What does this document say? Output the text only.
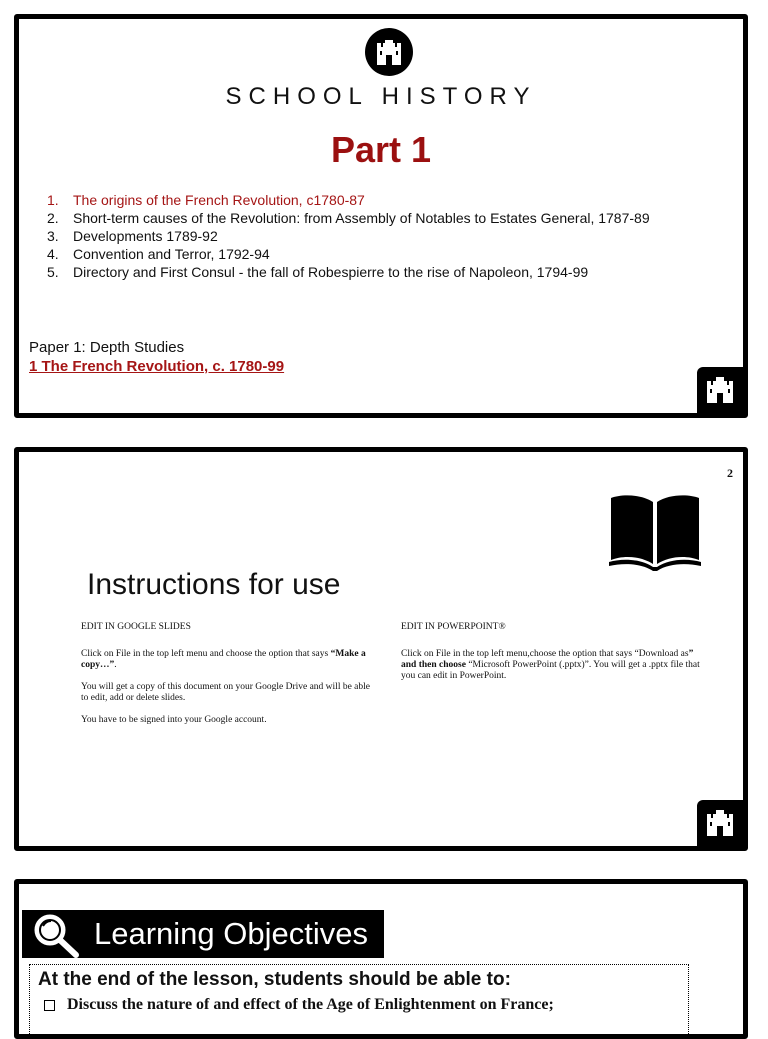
SCHOOL HISTORY
Part 1
1.	The origins of the French Revolution, c1780-87
2.	Short-term causes of the Revolution: from Assembly of Notables to Estates General, 1787-89
3.	Developments 1789-92
4.	Convention and Terror, 1792-94
5.	Directory and First Consul - the fall of Robespierre to the rise of Napoleon, 1794-99
Paper 1: Depth Studies
1 The French Revolution, c. 1780-99
2
Instructions for use

EDIT IN GOOGLE SLIDES

Click on File in the top left menu and choose the option that says “Make a copy…”.

You will get a copy of this document on your Google Drive and will be able to edit, add or delete slides.

You have to be signed into your Google account.

EDIT IN POWERPOINT®

Click on File in the top left menu,choose the option that says “Download as” and then choose “Microsoft PowerPoint (.pptx)”. You will get a .pptx file that you can edit in PowerPoint.

Learning Objectives

At the end of the lesson, students should be able to:

Discuss the nature of and effect of the Age of Enlightenment on France;
